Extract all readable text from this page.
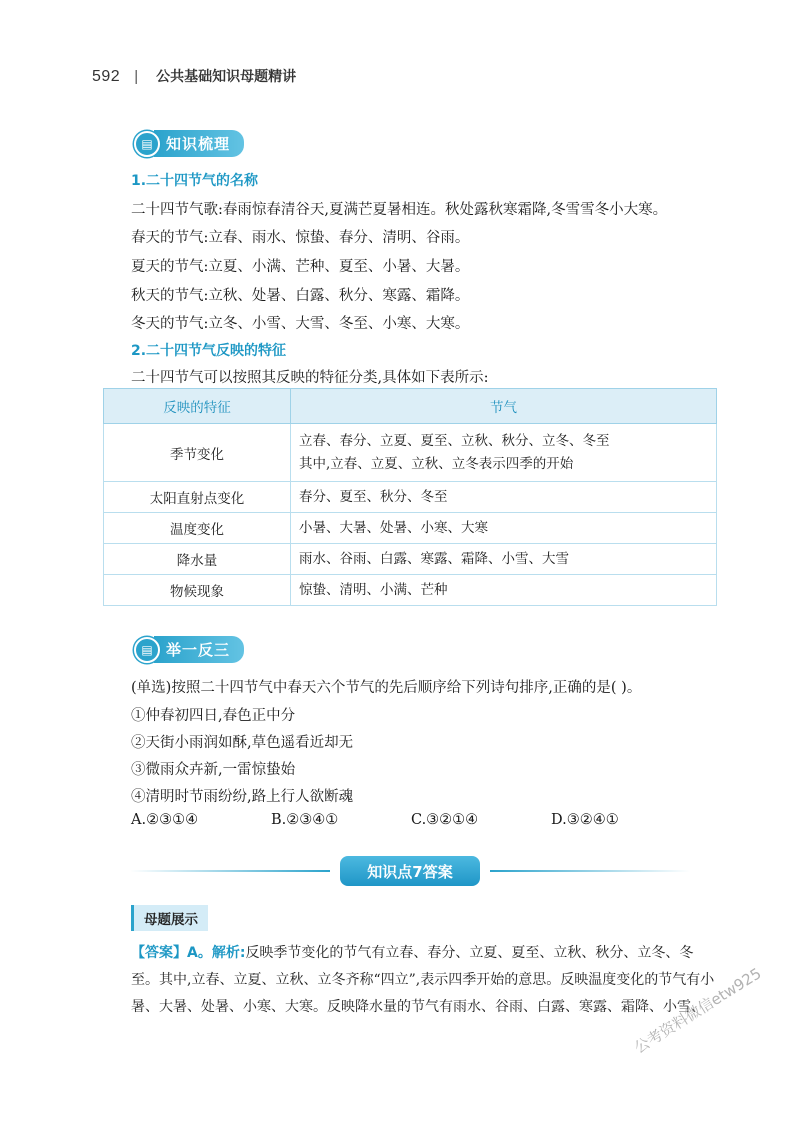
592 | 公共基础知识母题精讲
▤ 知识梳理
1.二十四节气的名称
二十四节气歌:春雨惊春清谷天,夏满芒夏暑相连。秋处露秋寒霜降,冬雪雪冬小大寒。
春天的节气:立春、雨水、惊蛰、春分、清明、谷雨。
夏天的节气:立夏、小满、芒种、夏至、小暑、大暑。
秋天的节气:立秋、处暑、白露、秋分、寒露、霜降。
冬天的节气:立冬、小雪、大雪、冬至、小寒、大寒。
2.二十四节气反映的特征
二十四节气可以按照其反映的特征分类,具体如下表所示:
反映的特征	节气
季节变化	立春、春分、立夏、夏至、立秋、秋分、立冬、冬至
其中,立春、立夏、立秋、立冬表示四季的开始

太阳直射点变化	春分、夏至、秋分、冬至
温度变化	小暑、大暑、处暑、小寒、大寒
降水量	雨水、谷雨、白露、寒露、霜降、小雪、大雪
物候现象	惊蛰、清明、小满、芒种
▤ 举一反三
(单选)按照二十四节气中春天六个节气的先后顺序给下列诗句排序,正确的是( )。
①仲春初四日,春色正中分
②天街小雨润如酥,草色遥看近却无
③微雨众卉新,一雷惊蛰始
④清明时节雨纷纷,路上行人欲断魂
A.②③①④	B.②③④①	C.③②①④	D.③②④①
知识点7答案
母题展示
【答案】A。解析:反映季节变化的节气有立春、春分、立夏、夏至、立秋、秋分、立冬、冬至。其中,立春、立夏、立秋、立冬齐称“四立”,表示四季开始的意思。反映温度变化的节气有小暑、大暑、处暑、小寒、大寒。反映降水量的节气有雨水、谷雨、白露、寒露、霜降、小雪、
公考资料微信etw925
